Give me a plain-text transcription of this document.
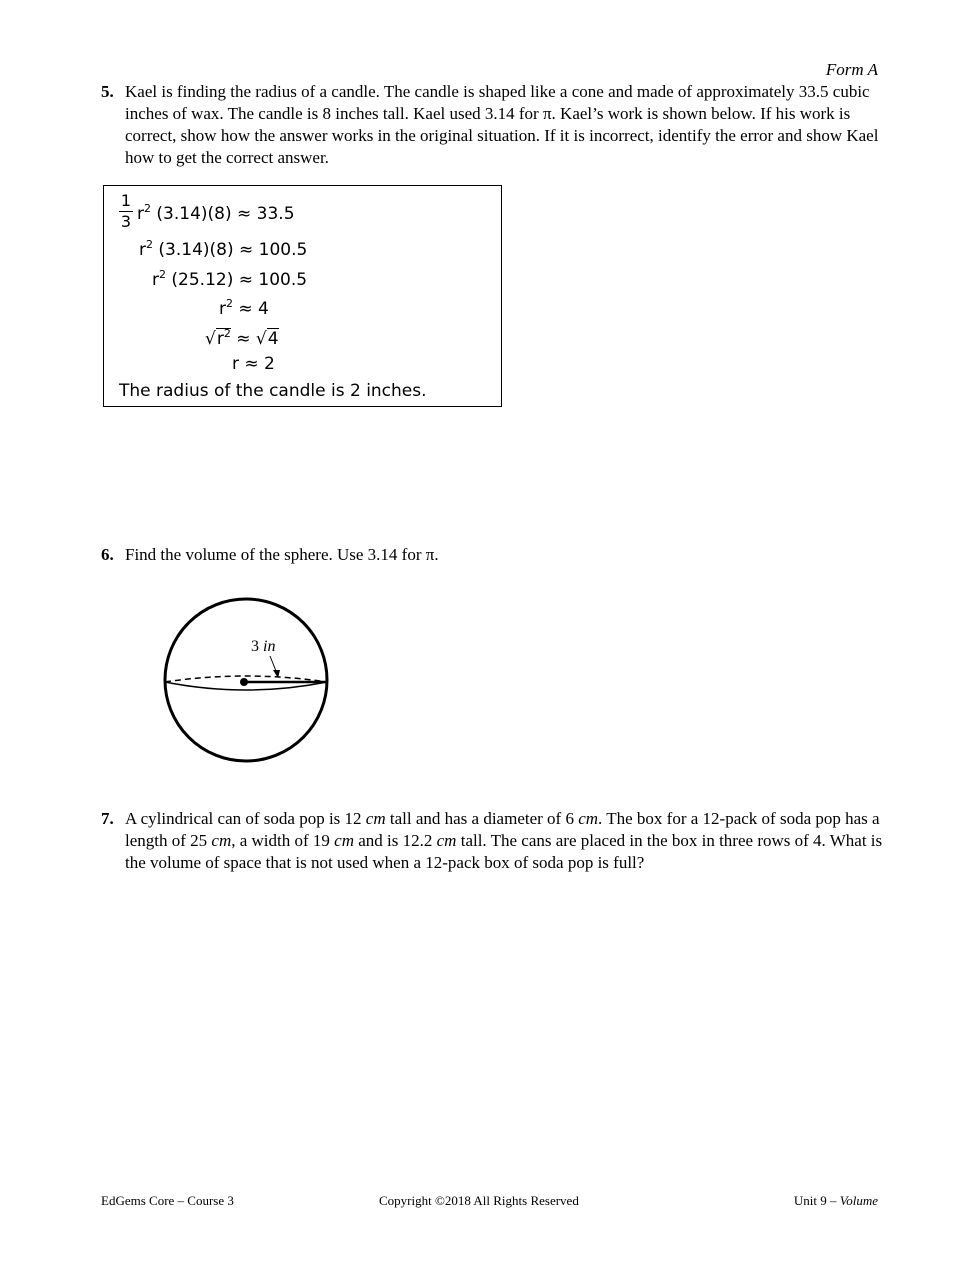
Form A
5. Kael is finding the radius of a candle. The candle is shaped like a cone and made of approximately 33.5 cubic inches of wax. The candle is 8 inches tall. Kael used 3.14 for π. Kael’s work is shown below. If his work is correct, show how the answer works in the original situation. If it is incorrect, identify the error and show Kael how to get the correct answer.
1
3 $r^2$ (3.14)(8) ≈ 33.5
$r^2$ (3.14)(8) ≈ 100.5
$r^2$ (25.12) ≈ 100.5
$r^2 \approx 4$
$√r^2 \approx √4$
r ≈ 2
The radius of the candle is 2 inches.
6. Find the volume of the sphere. Use 3.14 for π.
3 in
7. A cylindrical can of soda pop is 12 cm tall and has a diameter of 6 cm. The box for a 12-pack of soda pop has a length of 25 cm, a width of 19 cm and is 12.2 cm tall. The cans are placed in the box in three rows of 4. What is the volume of space that is not used when a 12-pack box of soda pop is full?
EdGems Core – Course 3	Copyright ©2018 All Rights Reserved	Unit 9 – Volume
